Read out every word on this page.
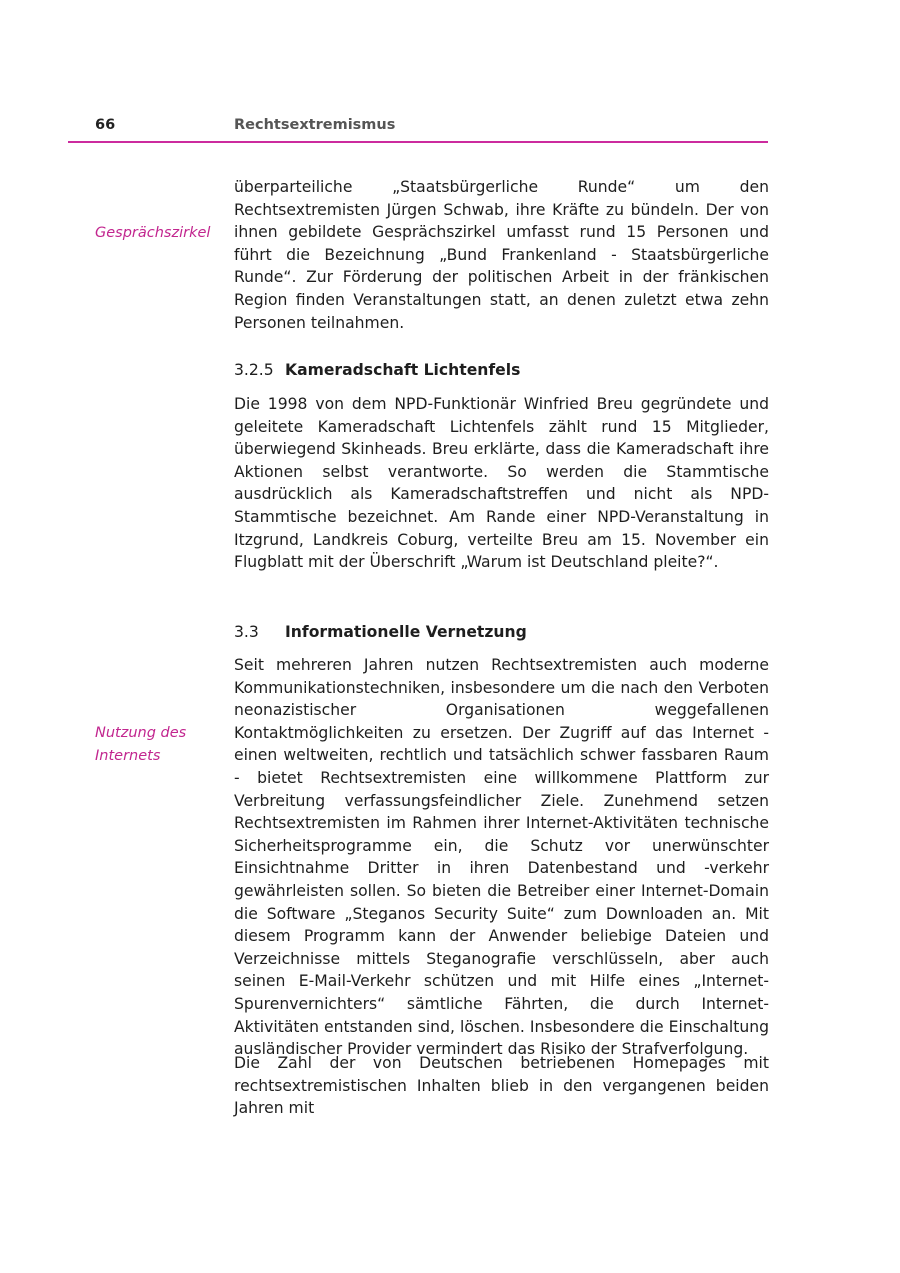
66	Rechtsextremismus
Gesprächszirkel
Nutzung des Internets

überparteiliche „Staatsbürgerliche Runde“ um den Rechtsextremisten Jürgen Schwab, ihre Kräfte zu bündeln. Der von ihnen gebildete Gesprächszirkel umfasst rund 15 Personen und führt die Bezeichnung „Bund Frankenland - Staatsbürgerliche Runde“. Zur Förderung der politischen Arbeit in der fränkischen Region finden Veranstaltungen statt, an denen zuletzt etwa zehn Personen teilnahmen.

3.2.5 Kameradschaft Lichtenfels

Die 1998 von dem NPD-Funktionär Winfried Breu gegründete und geleitete Kameradschaft Lichtenfels zählt rund 15 Mitglieder, überwiegend Skinheads. Breu erklärte, dass die Kameradschaft ihre Aktionen selbst verantworte. So werden die Stammtische ausdrücklich als Kameradschaftstreffen und nicht als NPD-Stammtische bezeichnet. Am Rande einer NPD-Veranstaltung in Itzgrund, Landkreis Coburg, verteilte Breu am 15. November ein Flugblatt mit der Überschrift „Warum ist Deutschland pleite?“.

3.3 Informationelle Vernetzung

Seit mehreren Jahren nutzen Rechtsextremisten auch moderne Kommunikationstechniken, insbesondere um die nach den Verboten neonazistischer Organisationen weggefallenen Kontaktmöglichkeiten zu ersetzen. Der Zugriff auf das Internet - einen weltweiten, rechtlich und tatsächlich schwer fassbaren Raum - bietet Rechtsextremisten eine willkommene Plattform zur Verbreitung verfassungsfeindlicher Ziele. Zunehmend setzen Rechtsextremisten im Rahmen ihrer Internet-Aktivitäten technische Sicherheitsprogramme ein, die Schutz vor unerwünschter Einsichtnahme Dritter in ihren Datenbestand und -verkehr gewährleisten sollen. So bieten die Betreiber einer Internet-Domain die Software „Steganos Security Suite“ zum Downloaden an. Mit diesem Programm kann der Anwender beliebige Dateien und Verzeichnisse mittels Steganografie verschlüsseln, aber auch seinen E-Mail-Verkehr schützen und mit Hilfe eines „Internet-Spurenvernichters“ sämtliche Fährten, die durch Internet-Aktivitäten entstanden sind, löschen. Insbesondere die Einschaltung ausländischer Provider vermindert das Risiko der Strafverfolgung.

Die Zahl der von Deutschen betriebenen Homepages mit rechtsextremistischen Inhalten blieb in den vergangenen beiden Jahren mit
